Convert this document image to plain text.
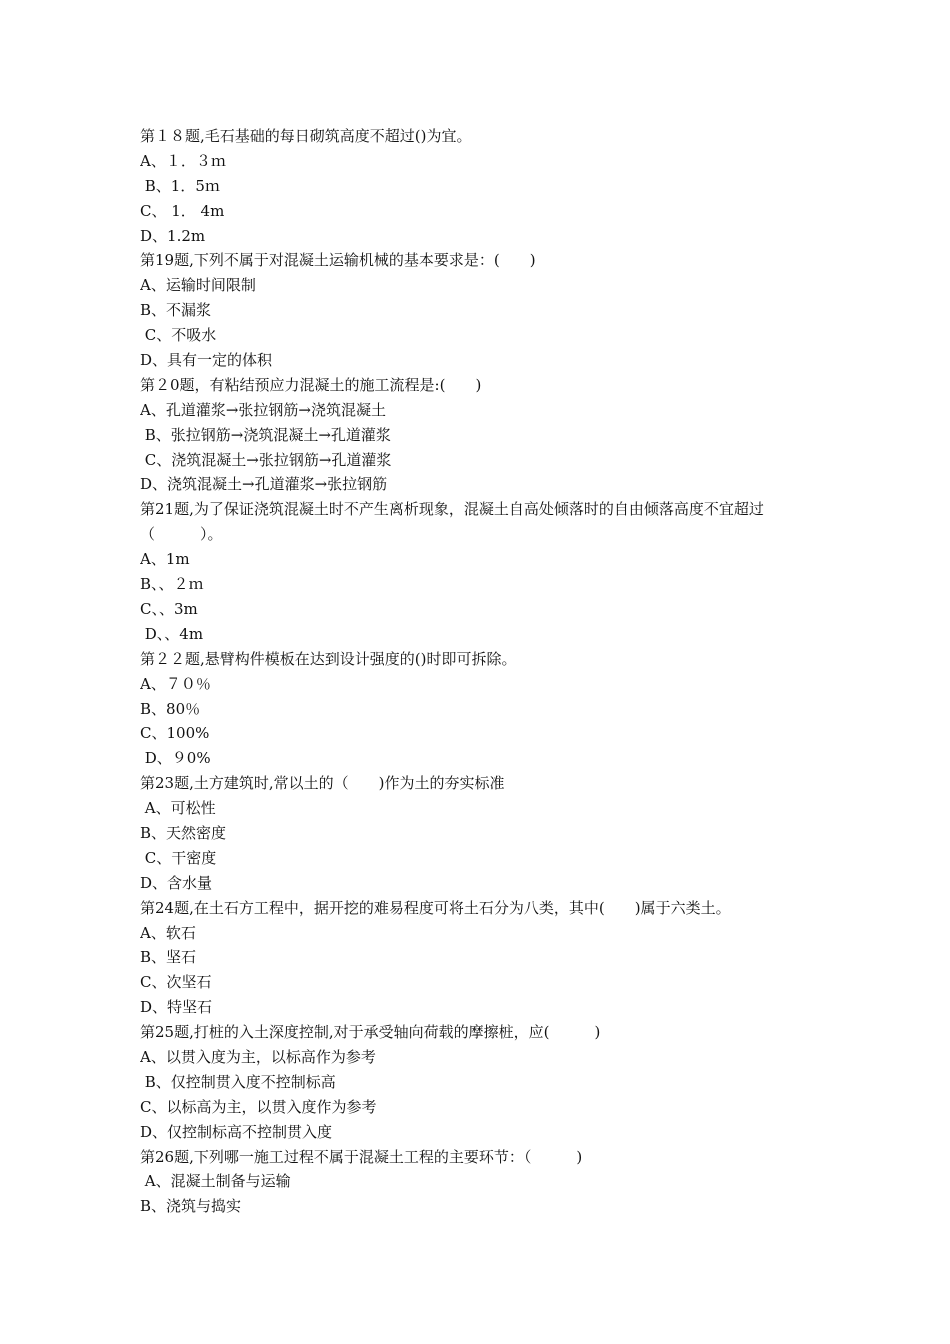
第１８题,毛石基础的每日砌筑高度不超过()为宜。
A、１．３ｍ
B、1．5ｍ
C、 1． 4m
D、1.2m
第19题,下列不属于对混凝土运输机械的基本要求是：(　　)
A、运输时间限制
B、不漏浆
C、不吸水
D、具有一定的体积
第２0题，有粘结预应力混凝土的施工流程是:(　　)
A、孔道灌浆→张拉钢筋→浇筑混凝土
B、张拉钢筋→浇筑混凝土→孔道灌浆
C、浇筑混凝土→张拉钢筋→孔道灌浆
D、浇筑混凝土→孔道灌浆→张拉钢筋
第21题,为了保证浇筑混凝土时不产生离析现象，混凝土自高处倾落时的自由倾落高度不宜超过（　　　）。
A、1m
B、、２ｍ
C、、3m
D、、4m
第２２题,悬臂构件模板在达到设计强度的()时即可拆除。
A、７０％
B、80％
C、100%
D、９0%
第23题,土方建筑时,常以土的（　　)作为土的夯实标准
A、可松性
B、天然密度
C、干密度
D、含水量
第24题,在土石方工程中，据开挖的难易程度可将土石分为八类，其中(　　)属于六类土。
A、软石
B、坚石
C、次坚石
D、特坚石
第25题,打桩的入土深度控制,对于承受轴向荷载的摩擦桩，应(　　　)
A、以贯入度为主，以标高作为参考
B、仅控制贯入度不控制标高
C、以标高为主，以贯入度作为参考
D、仅控制标高不控制贯入度
第26题,下列哪一施工过程不属于混凝土工程的主要环节：（　　　)
A、混凝土制备与运输
B、浇筑与捣实
